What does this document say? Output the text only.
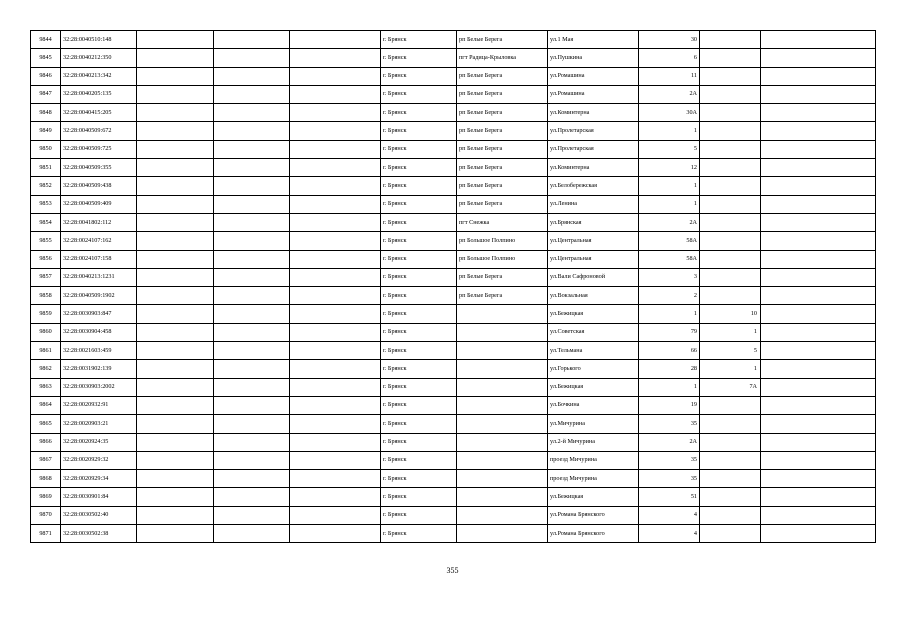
9844	32:28:0040510:148				г. Брянск	рп Белые Берега	ул.1 Мая	30		
9845	32:28:0040212:350				г. Брянск	пгт Радица-Крыловка	ул.Пушкина	6		
9846	32:28:0040213:342				г. Брянск	рп Белые Берега	ул.Ромашина	11		
9847	32:28:0040205:135				г. Брянск	рп Белые Берега	ул.Ромашина	2А		
9848	32:28:0040415:205				г. Брянск	рп Белые Берега	ул.Коминтерна	30А		
9849	32:28:0040509:672				г. Брянск	рп Белые Берега	ул.Пролетарская	1		
9850	32:28:0040509:725				г. Брянск	рп Белые Берега	ул.Пролетарская	5		
9851	32:28:0040509:355				г. Брянск	рп Белые Берега	ул.Коминтерна	12		
9852	32:28:0040509:438				г. Брянск	рп Белые Берега	ул.Белобережская	1		
9853	32:28:0040509:409				г. Брянск	рп Белые Берега	ул.Ленина	1		
9854	32:28:0041802:112				г. Брянск	пгт Снежка	ул.Брянская	2А		
9855	32:28:0024107:162				г. Брянск	рп Большое Полпино	ул.Центральная	58А		
9856	32:28:0024107:158				г. Брянск	рп Большое Полпино	ул.Центральная	58А		
9857	32:28:0040213:1231				г. Брянск	рп Белые Берега	ул.Вали Сафроновой	3		
9858	32:28:0040509:1902				г. Брянск	рп Белые Берега	ул.Вокзальная	2		
9859	32:28:0030903:847				г. Брянск		ул.Бежицкая	1	10	
9860	32:28:0030904:458				г. Брянск		ул.Советская	79	1	
9861	32:28:0021603:459				г. Брянск		ул.Тельмана	66	5	
9862	32:28:0031902:139				г. Брянск		ул.Горького	28	1	
9863	32:28:0030903:2002				г. Брянск		ул.Бежицкая	1	7А	
9864	32:28:0020932:91				г. Брянск		ул.Бочкина	19		
9865	32:28:0020903:21				г. Брянск		ул.Мичурина	35		
9866	32:28:0020924:35				г. Брянск		ул.2-й Мичурина	2А		
9867	32:28:0020929:32				г. Брянск		проезд Мичурина	35		
9868	32:28:0020929:34				г. Брянск		проезд Мичурина	35		
9869	32:28:0030901:84				г. Брянск		ул.Бежицкая	51		
9870	32:28:0030502:40				г. Брянск		ул.Романа Брянского	4		
9871	32:28:0030502:38				г. Брянск		ул.Романа Брянского	4		
355
